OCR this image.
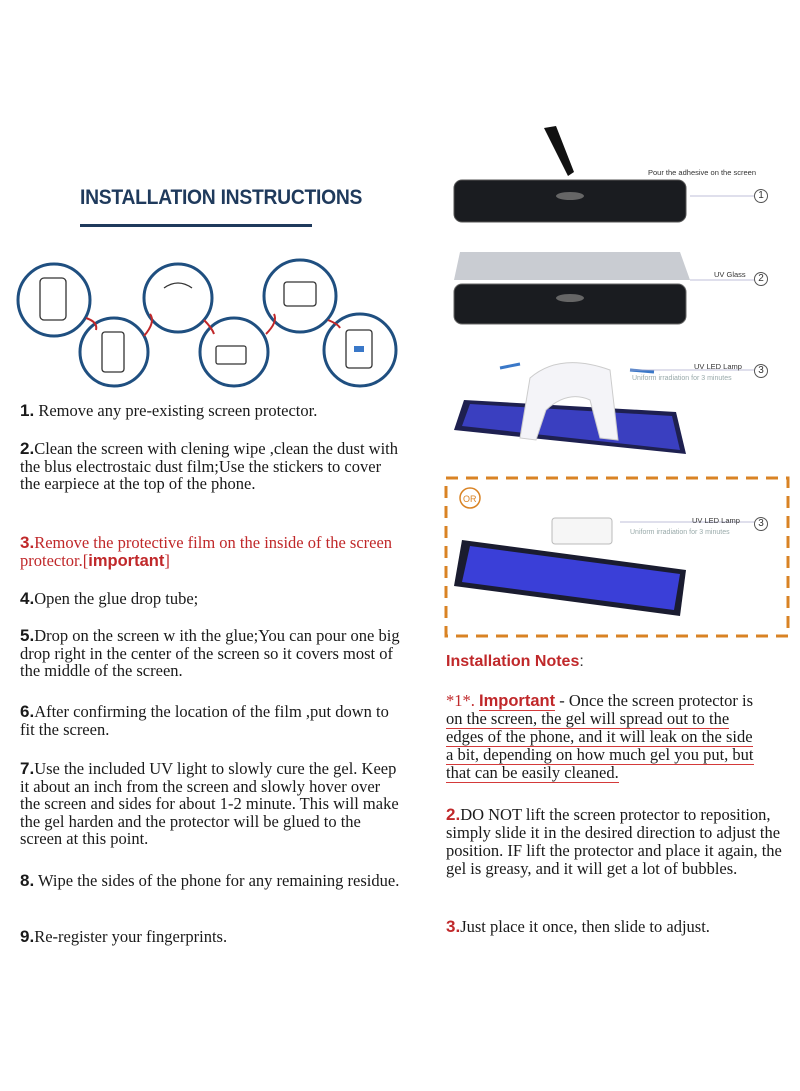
INSTALLATION INSTRUCTIONS
1. Remove any pre-existing screen protector.
2.Clean the screen with clening wipe ,clean the dust with the blus electrostaic dust film;Use the stickers to cover the earpiece at the top of the phone.
3.Remove the protective film on the inside of the screen protector.[important]
4.Open the glue drop tube;
5.Drop on the screen w ith the glue;You can pour one big drop right in the center of the screen so it covers most of the middle of the screen.
6.After confirming the location of the film ,put down to fit the screen.
7.Use the included UV light to slowly cure the gel. Keep it about an inch from the screen and slowly hover over the screen and sides for about 1-2 minute. This will make the gel harden and the protector will be glued to the screen at this point.
8. Wipe the sides of the phone for any remaining residue.
9.Re-register your fingerprints.
Pour the adhesive on the screen
1
UV Glass	2
UV LED Lamp
Uniform irradiation for 3 minutes
3
OR
UV LED Lamp
Uniform irradiation for 3 minutes
3
Installation Notes:
*1*. Important - Once the screen protector is
on the screen, the gel will spread out to the
edges of the phone, and it will leak on the side
a bit, depending on how much gel you put, but
that can be easily cleaned.
2.DO NOT lift the screen protector to reposition, simply slide it in the desired direction to adjust the position. IF lift the protector and place it again, the gel is greasy, and it will get a lot of bubbles.
3.Just place it once, then slide to adjust.
